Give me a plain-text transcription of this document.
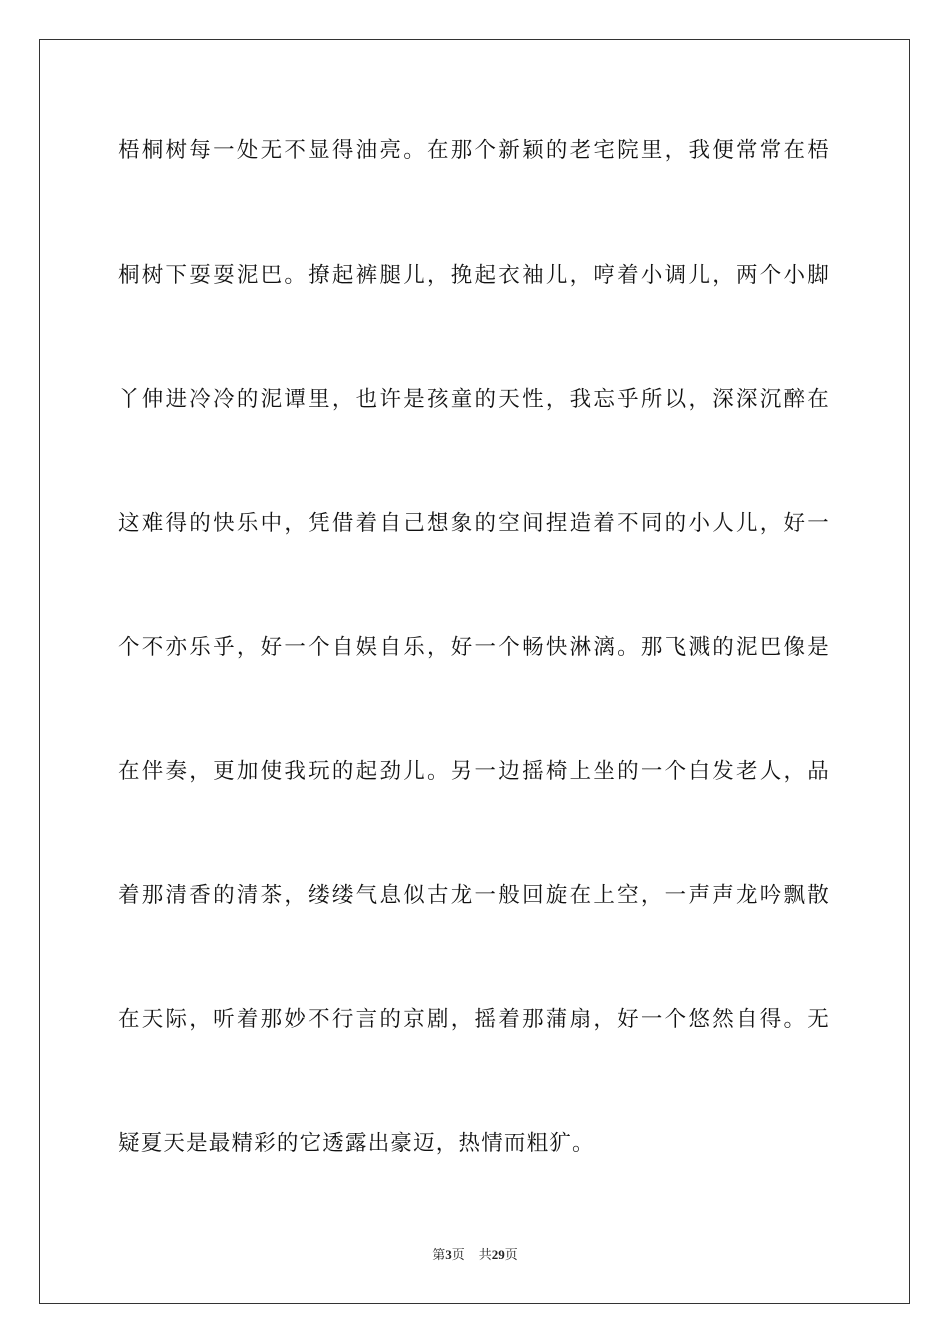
梧桐树每一处无不显得油亮。在那个新颖的老宅院里，我便常常在梧
桐树下耍耍泥巴。撩起裤腿儿，挽起衣袖儿，哼着小调儿，两个小脚
丫伸进冷冷的泥谭里，也许是孩童的天性，我忘乎所以，深深沉醉在
这难得的快乐中，凭借着自己想象的空间捏造着不同的小人儿，好一
个不亦乐乎，好一个自娱自乐，好一个畅快淋漓。那飞溅的泥巴像是
在伴奏，更加使我玩的起劲儿。另一边摇椅上坐的一个白发老人，品
着那清香的清茶，缕缕气息似古龙一般回旋在上空，一声声龙吟飘散
在天际，听着那妙不行言的京剧，摇着那蒲扇，好一个悠然自得。无
疑夏天是最精彩的它透露出豪迈，热情而粗犷。
第3页 共29页
